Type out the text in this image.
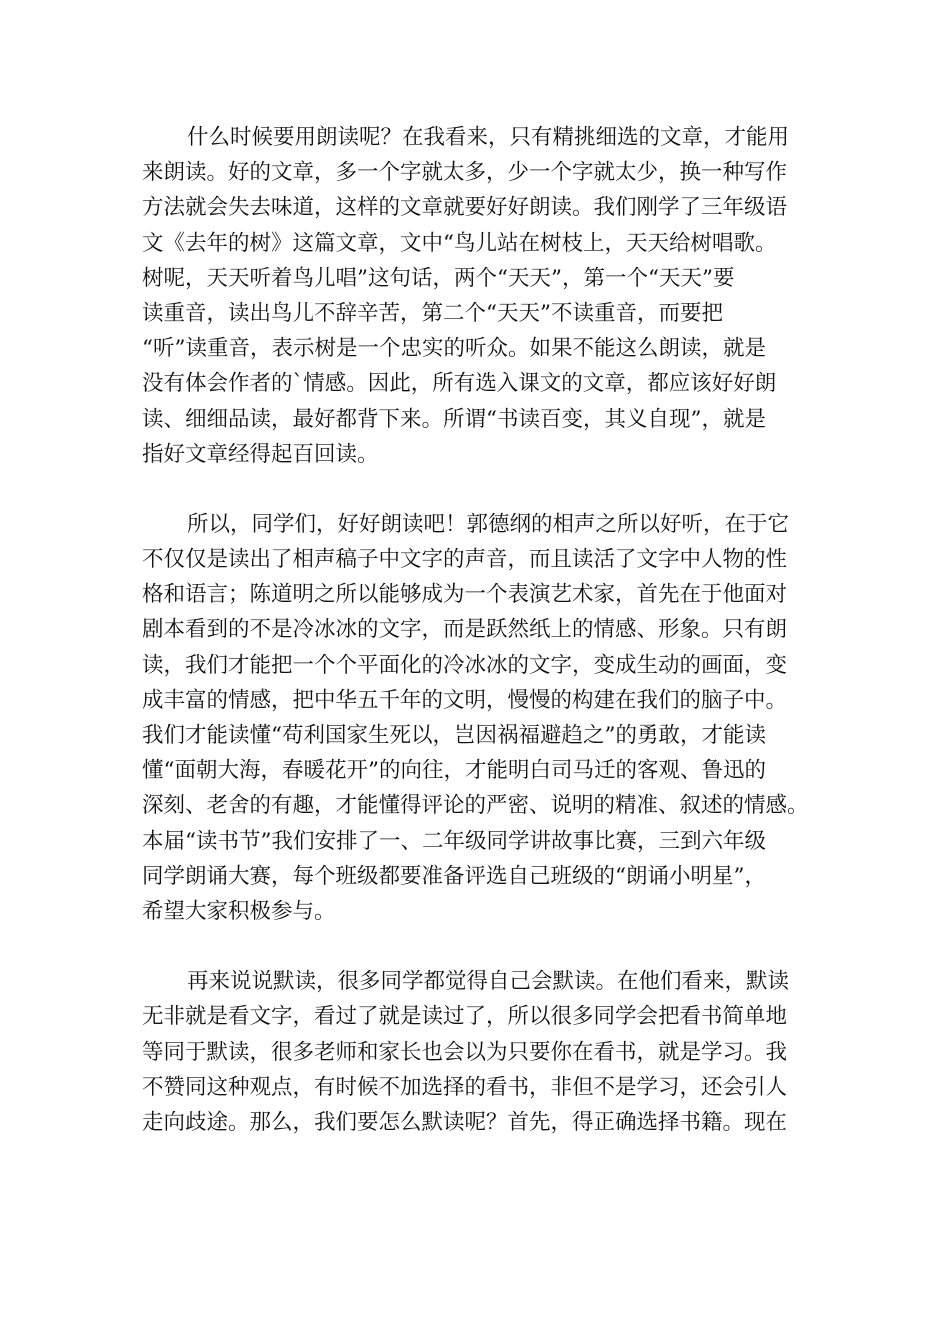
什么时候要用朗读呢？在我看来，只有精挑细选的文章，才能用
来朗读。好的文章，多一个字就太多，少一个字就太少，换一种写作
方法就会失去味道，这样的文章就要好好朗读。我们刚学了三年级语
文《去年的树》这篇文章，文中“鸟儿站在树枝上，天天给树唱歌。
树呢，天天听着鸟儿唱”这句话，两个“天天”，第一个“天天”要
读重音，读出鸟儿不辞辛苦，第二个“天天”不读重音，而要把
“听”读重音，表示树是一个忠实的听众。如果不能这么朗读，就是
没有体会作者的`情感。因此，所有选入课文的文章，都应该好好朗
读、细细品读，最好都背下来。所谓“书读百变，其义自现”，就是
指好文章经得起百回读。
所以，同学们，好好朗读吧！郭德纲的相声之所以好听，在于它
不仅仅是读出了相声稿子中文字的声音，而且读活了文字中人物的性
格和语言；陈道明之所以能够成为一个表演艺术家，首先在于他面对
剧本看到的不是冷冰冰的文字，而是跃然纸上的情感、形象。只有朗
读，我们才能把一个个平面化的冷冰冰的文字，变成生动的画面，变
成丰富的情感，把中华五千年的文明，慢慢的构建在我们的脑子中。
我们才能读懂“苟利国家生死以，岂因祸福避趋之”的勇敢，才能读
懂“面朝大海，春暖花开”的向往，才能明白司马迁的客观、鲁迅的
深刻、老舍的有趣，才能懂得评论的严密、说明的精准、叙述的情感。
本届“读书节”我们安排了一、二年级同学讲故事比赛，三到六年级
同学朗诵大赛，每个班级都要准备评选自己班级的“朗诵小明星”，
希望大家积极参与。
再来说说默读，很多同学都觉得自己会默读。在他们看来，默读
无非就是看文字，看过了就是读过了，所以很多同学会把看书简单地
等同于默读，很多老师和家长也会以为只要你在看书，就是学习。我
不赞同这种观点，有时候不加选择的看书，非但不是学习，还会引人
走向歧途。那么，我们要怎么默读呢？首先，得正确选择书籍。现在
